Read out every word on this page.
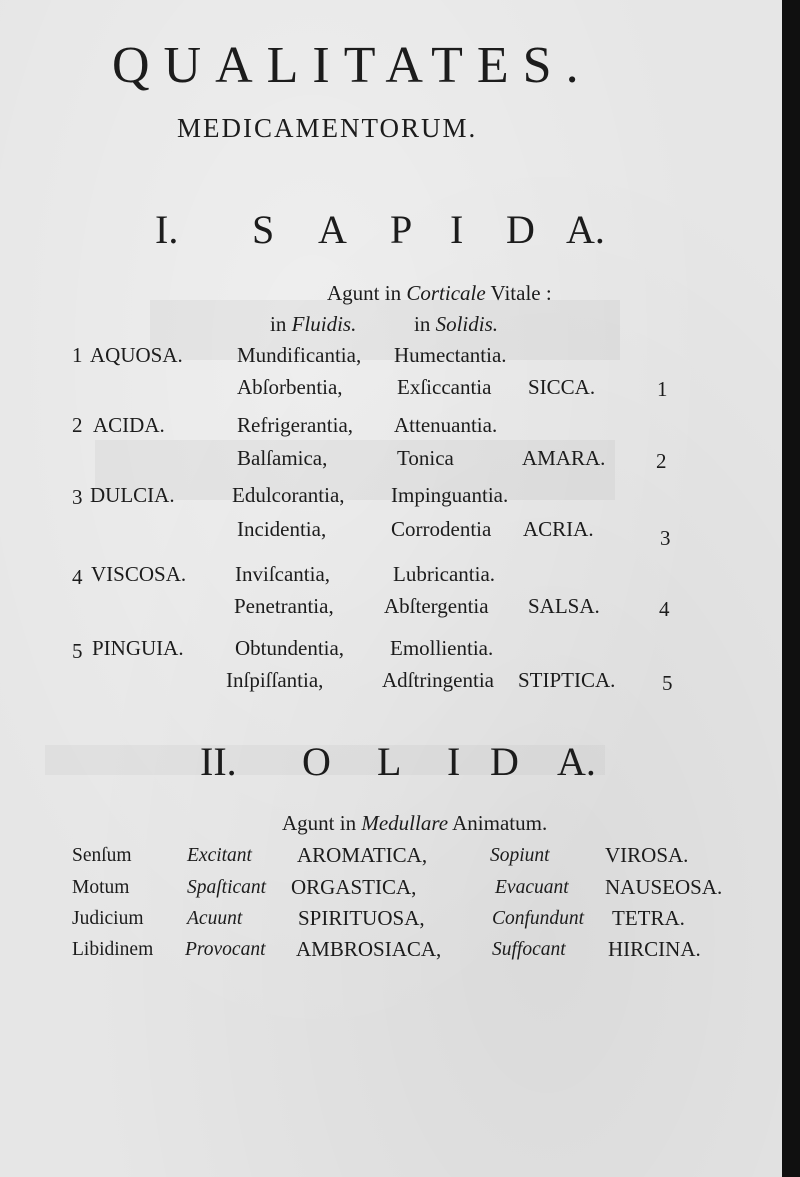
QUALITATES.
MEDICAMENTORUM.
I. S A P I D A.
Agunt in Corticale Vitale :
in Fluidis.	in Solidis.
1 AQUOSA.	Mundificantia, Humectantia.
Abſorbentia,	Exſiccantia SICCA.	1
2 ACIDA.	Refrigerantia, Attenuantia.
Balſamica,	Tonica	AMARA. 2
3 DULCIA.	Edulcorantia, Impinguantia.
Incidentia,	Corrodentia ACRIA.	3
4 VISCOSA. Inviſcantia,	Lubricantia.
Penetrantia, Abſtergentia SALSA.	4
5 PINGUIA. Obtundentia, Emollientia.
Inſpiſſantia,	Adſtringentia STIPTICA. 5
II. O L I D A.
Agunt in Medullare Animatum.
Senſum	Excitant AROMATICA,	Sopiunt	VIROSA.
Motum	Spaſticant ORGASTICA,	Evacuant NAUSEOSA.
Judicium Acuunt	SPIRITUOSA,	Confundunt TETRA.
Libidinem Provocant AMBROSIACA,	Suffocant HIRCINA.
